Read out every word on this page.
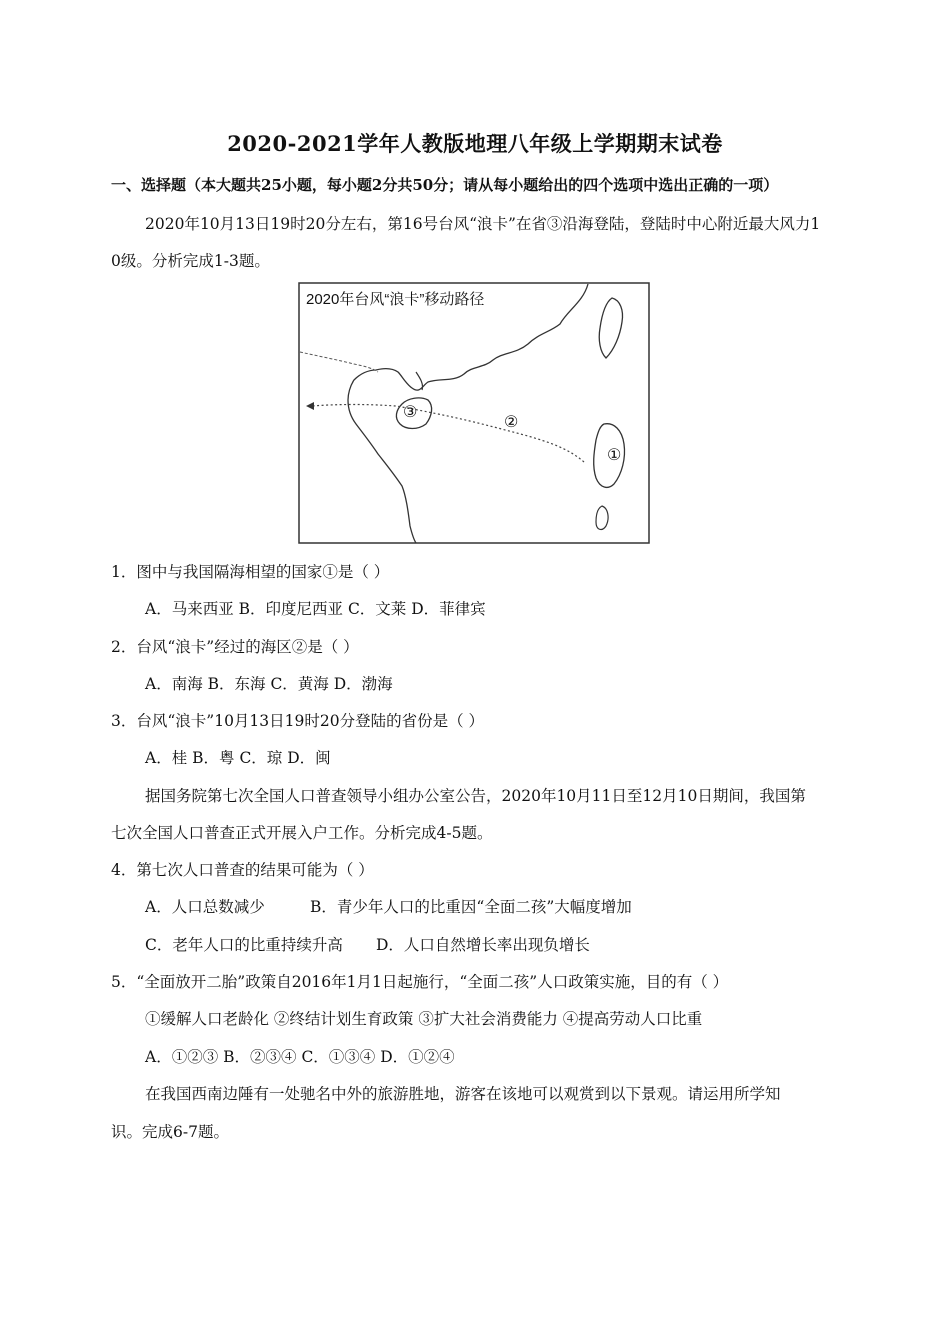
2020-2021学年人教版地理八年级上学期期末试卷
一、选择题（本大题共25小题，每小题2分共50分；请从每小题给出的四个选项中选出正确的一项）
2020年10月13日19时20分左右，第16号台风“浪卡”在省③沿海登陆，登陆时中心附近最大风力1
0级。分析完成1-3题。
2020年台风“浪卡”移动路径
③
②
①
1．图中与我国隔海相望的国家①是（ ）
A．马来西亚 B．印度尼西亚 C．文莱 D．菲律宾
2．台风“浪卡”经过的海区②是（ ）
A．南海 B．东海 C．黄海 D．渤海
3．台风“浪卡”10月13日19时20分登陆的省份是（ ）
A．桂 B．粤 C．琼 D．闽
据国务院第七次全国人口普查领导小组办公室公告，2020年10月11日至12月10日期间，我国第
七次全国人口普查正式开展入户工作。分析完成4-5题。
4．第七次人口普查的结果可能为（ ）
A．人口总数减少	B．青少年人口的比重因“全面二孩”大幅度增加
C．老年人口的比重持续升高 D．人口自然增长率出现负增长
5．“全面放开二胎”政策自2016年1月1日起施行，“全面二孩”人口政策实施，目的有（ ）
①缓解人口老龄化 ②终结计划生育政策 ③扩大社会消费能力 ④提高劳动人口比重
A．①②③ B．②③④ C．①③④ D．①②④
在我国西南边陲有一处驰名中外的旅游胜地，游客在该地可以观赏到以下景观。请运用所学知
识。完成6-7题。
